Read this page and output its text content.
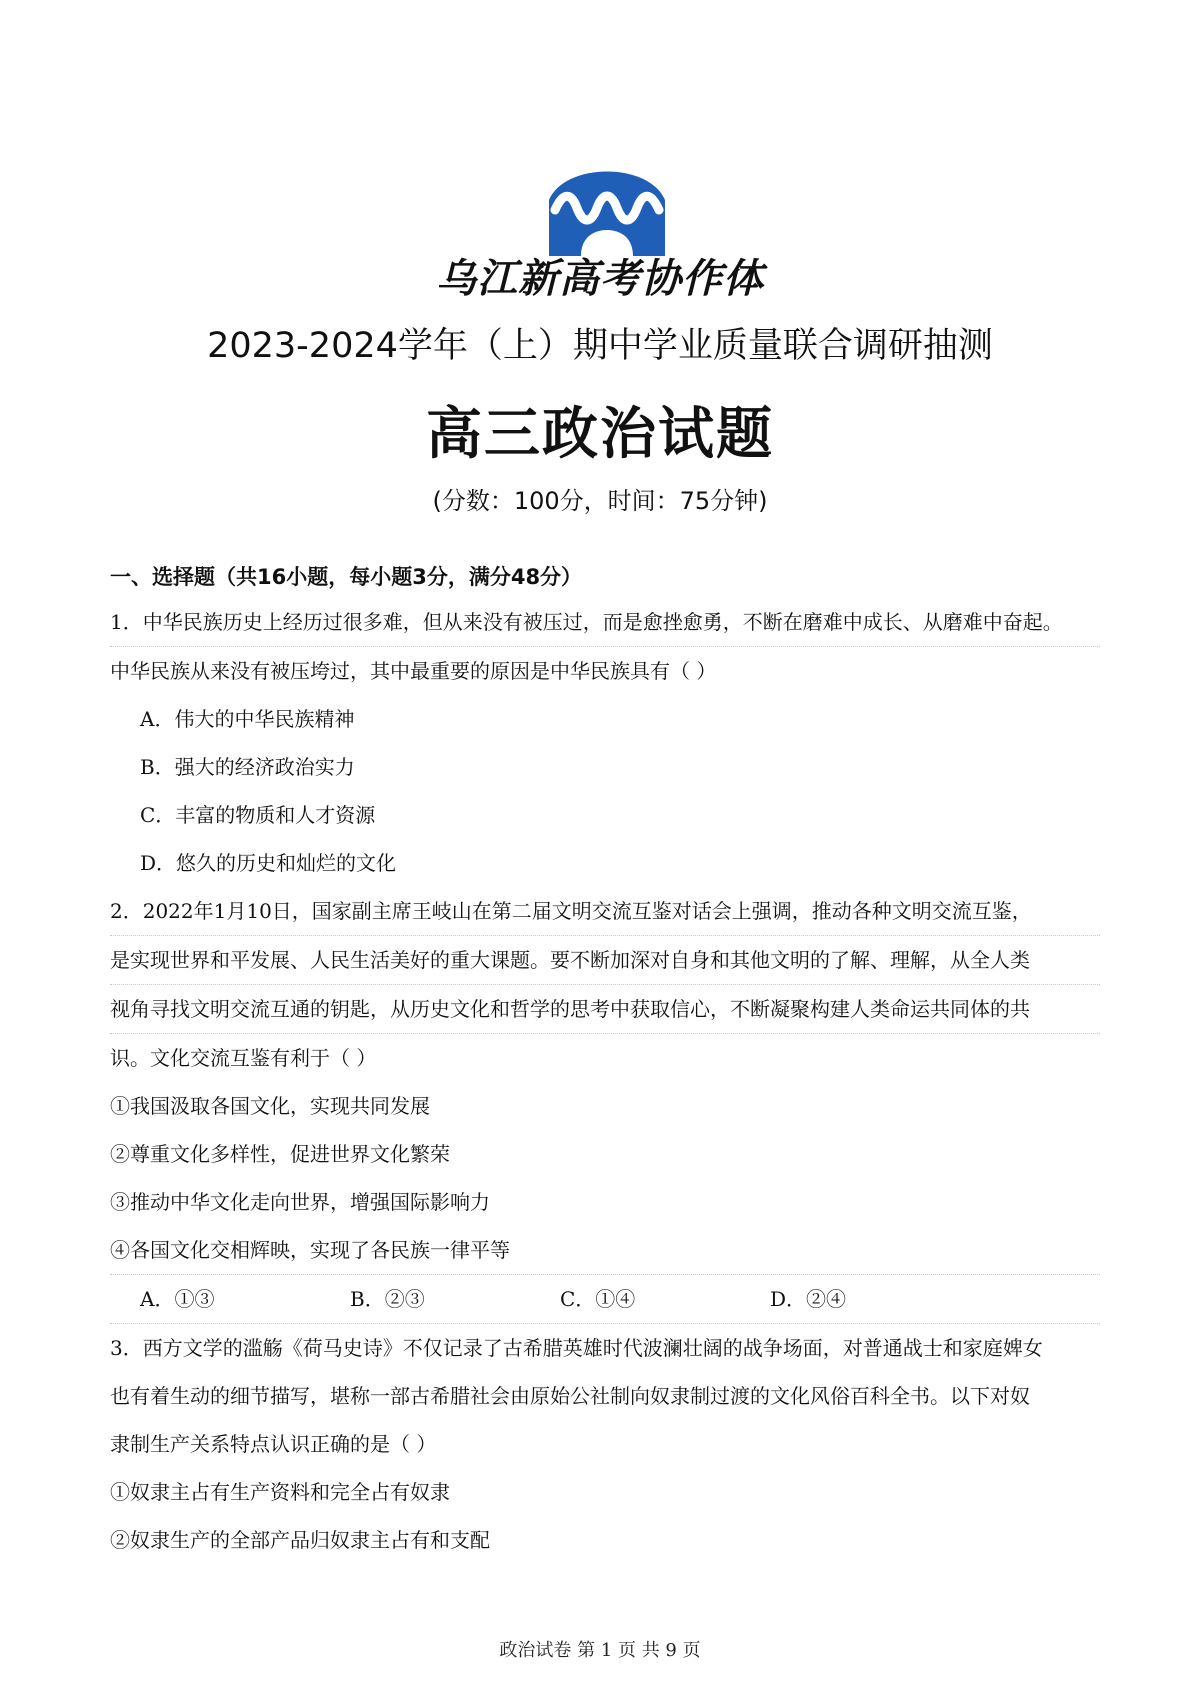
乌江新高考协作体
2023-2024学年（上）期中学业质量联合调研抽测
高三政治试题
(分数：100分，时间：75分钟)
一、选择题（共16小题，每小题3分，满分48分）
1．中华民族历史上经历过很多难，但从来没有被压过，而是愈挫愈勇，不断在磨难中成长、从磨难中奋起。
中华民族从来没有被压垮过，其中最重要的原因是中华民族具有（ ）
A．伟大的中华民族精神
B．强大的经济政治实力
C．丰富的物质和人才资源
D．悠久的历史和灿烂的文化
2．2022年1月10日，国家副主席王岐山在第二届文明交流互鉴对话会上强调，推动各种文明交流互鉴，
是实现世界和平发展、人民生活美好的重大课题。要不断加深对自身和其他文明的了解、理解，从全人类
视角寻找文明交流互通的钥匙，从历史文化和哲学的思考中获取信心，不断凝聚构建人类命运共同体的共
识。文化交流互鉴有利于（ ）
①我国汲取各国文化，实现共同发展
②尊重文化多样性，促进世界文化繁荣
③推动中华文化走向世界，增强国际影响力
④各国文化交相辉映，实现了各民族一律平等
A．①③	B．②③	C．①④	D．②④
3．西方文学的滥觞《荷马史诗》不仅记录了古希腊英雄时代波澜壮阔的战争场面，对普通战士和家庭婢女
也有着生动的细节描写，堪称一部古希腊社会由原始公社制向奴隶制过渡的文化风俗百科全书。以下对奴
隶制生产关系特点认识正确的是（ ）
①奴隶主占有生产资料和完全占有奴隶
②奴隶生产的全部产品归奴隶主占有和支配
政治试卷 第 1 页 共 9 页
